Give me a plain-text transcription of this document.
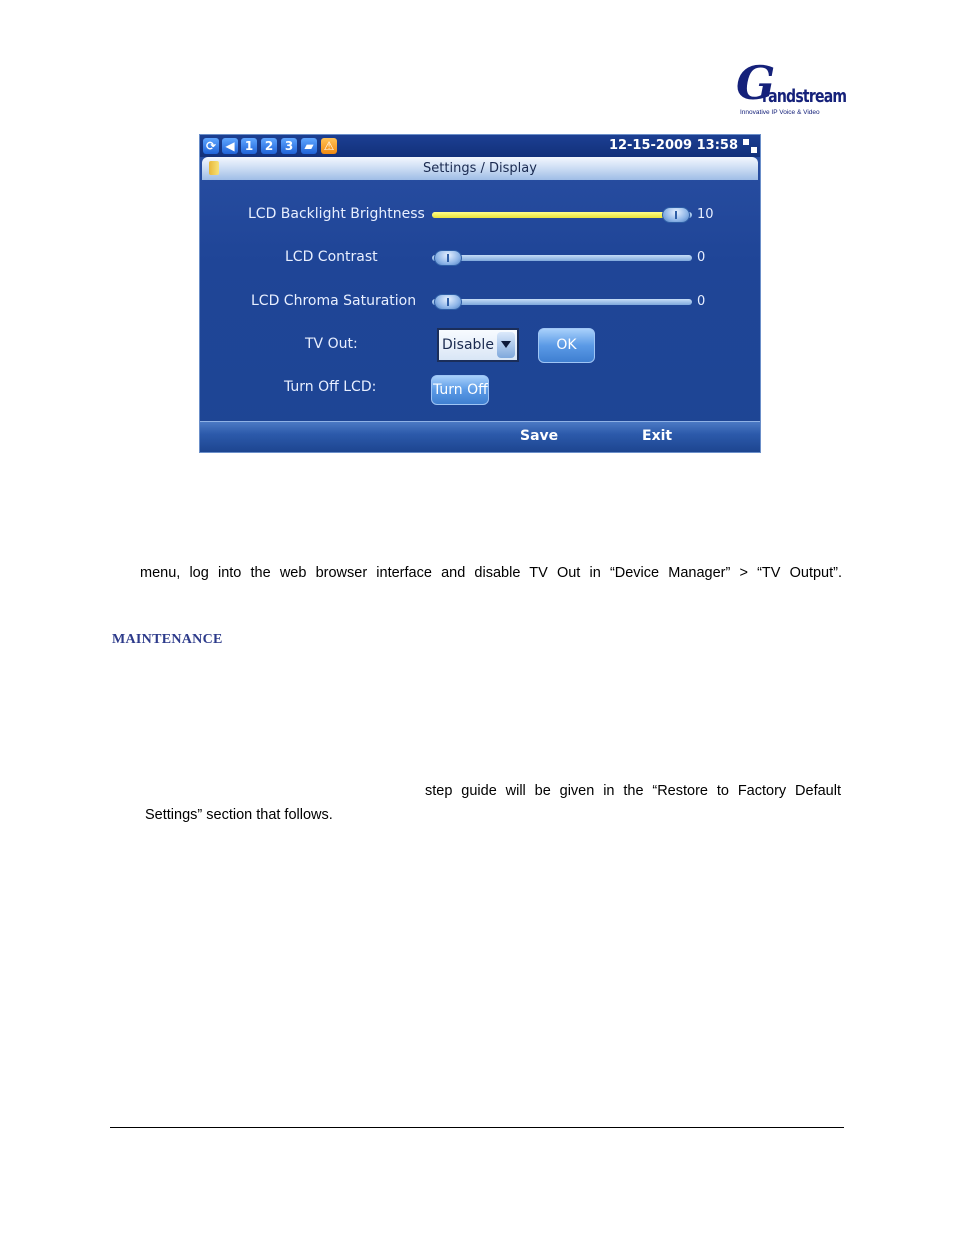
G
randstream
Innovative IP Voice & Video
⟳ ◀ 1 2 3 ▰ ⚠	12-15-2009 13:58
Settings / Display
LCD Backlight Brightness	10
LCD Contrast	0
LCD Chroma Saturation	0
TV Out:	Disable	OK
Turn Off LCD:	Turn Off
Save	Exit
menu, log into the web browser interface and disable TV Out in “Device Manager” > “TV Output”.
MAINTENANCE
step guide will be given in the “Restore to Factory Default
Settings” section that follows.
